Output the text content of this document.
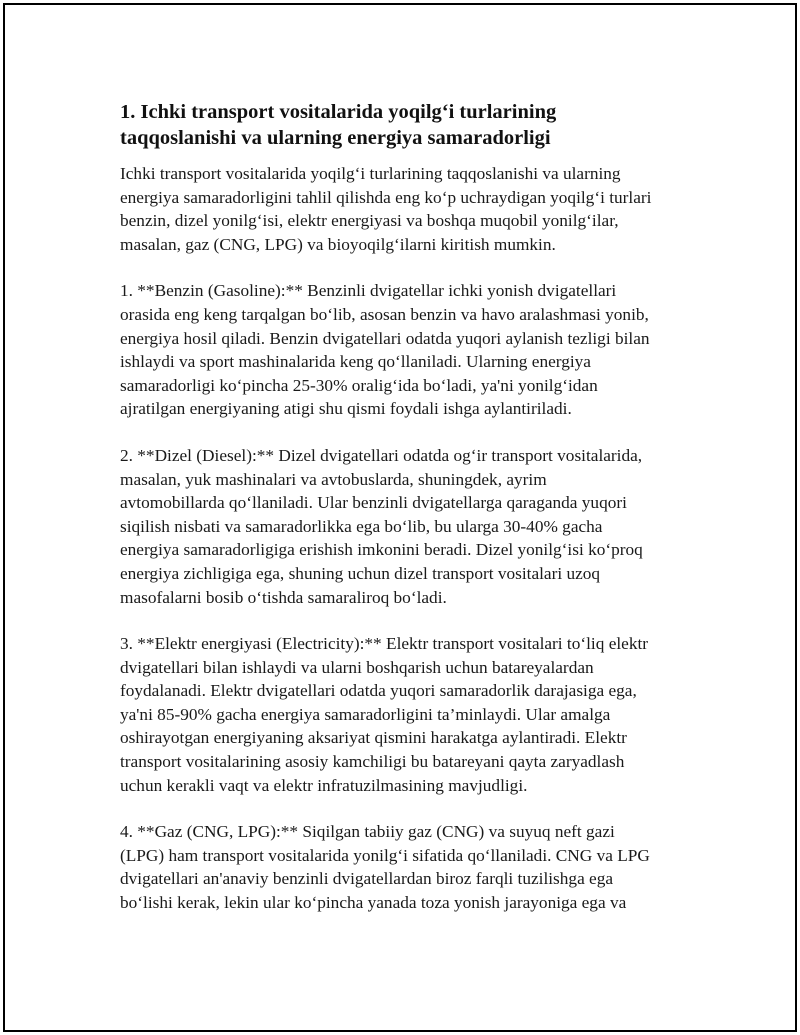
1. Ichki transport vositalarida yoqilg‘i turlarining
taqqoslanishi va ularning energiya samaradorligi

Ichki transport vositalarida yoqilg‘i turlarining taqqoslanishi va ularning
energiya samaradorligini tahlil qilishda eng ko‘p uchraydigan yoqilg‘i turlari
benzin, dizel yonilg‘isi, elektr energiyasi va boshqa muqobil yonilg‘ilar,
masalan, gaz (CNG, LPG) va bioyoqilg‘ilarni kiritish mumkin.

1. **Benzin (Gasoline):** Benzinli dvigatellar ichki yonish dvigatellari
orasida eng keng tarqalgan bo‘lib, asosan benzin va havo aralashmasi yonib,
energiya hosil qiladi. Benzin dvigatellari odatda yuqori aylanish tezligi bilan
ishlaydi va sport mashinalarida keng qo‘llaniladi. Ularning energiya
samaradorligi ko‘pincha 25-30% oralig‘ida bo‘ladi, ya'ni yonilg‘idan
ajratilgan energiyaning atigi shu qismi foydali ishga aylantiriladi.

2. **Dizel (Diesel):** Dizel dvigatellari odatda og‘ir transport vositalarida,
masalan, yuk mashinalari va avtobuslarda, shuningdek, ayrim
avtomobillarda qo‘llaniladi. Ular benzinli dvigatellarga qaraganda yuqori
siqilish nisbati va samaradorlikka ega bo‘lib, bu ularga 30-40% gacha
energiya samaradorligiga erishish imkonini beradi. Dizel yonilg‘isi ko‘proq
energiya zichligiga ega, shuning uchun dizel transport vositalari uzoq
masofalarni bosib o‘tishda samaraliroq bo‘ladi.

3. **Elektr energiyasi (Electricity):** Elektr transport vositalari to‘liq elektr
dvigatellari bilan ishlaydi va ularni boshqarish uchun batareyalardan
foydalanadi. Elektr dvigatellari odatda yuqori samaradorlik darajasiga ega,
ya'ni 85-90% gacha energiya samaradorligini ta’minlaydi. Ular amalga
oshirayotgan energiyaning aksariyat qismini harakatga aylantiradi. Elektr
transport vositalarining asosiy kamchiligi bu batareyani qayta zaryadlash
uchun kerakli vaqt va elektr infratuzilmasining mavjudligi.

4. **Gaz (CNG, LPG):** Siqilgan tabiiy gaz (CNG) va suyuq neft gazi
(LPG) ham transport vositalarida yonilg‘i sifatida qo‘llaniladi. CNG va LPG
dvigatellari an'anaviy benzinli dvigatellardan biroz farqli tuzilishga ega
bo‘lishi kerak, lekin ular ko‘pincha yanada toza yonish jarayoniga ega va
